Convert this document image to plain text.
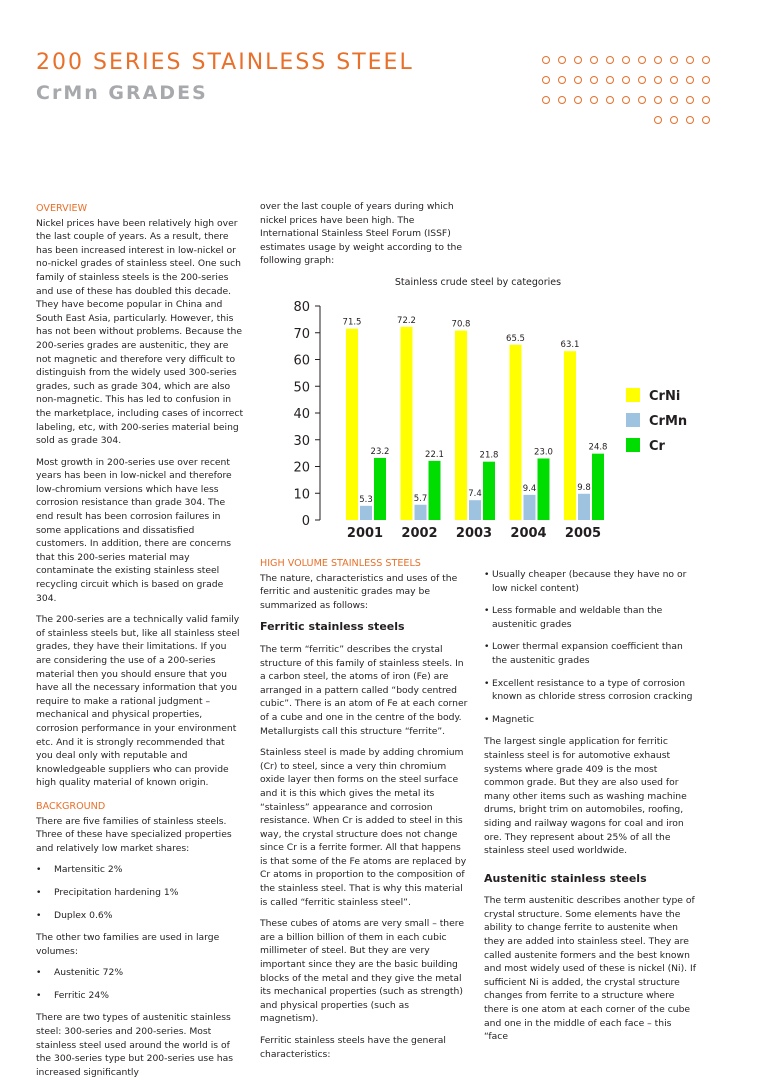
200 SERIES STAINLESS STEEL
CrMn GRADES
OVERVIEW

Nickel prices have been relatively high over the last couple of years. As a result, there has been increased interest in low-nickel or no-nickel grades of stainless steel. One such family of stainless steels is the 200-series and use of these has doubled this decade. They have become popular in China and South East Asia, particularly. However, this has not been without problems. Because the 200-series grades are austenitic, they are not magnetic and therefore very difficult to distinguish from the widely used 300-series grades, such as grade 304, which are also non-magnetic. This has led to confusion in the marketplace, including cases of incorrect labeling, etc, with 200-series material being sold as grade 304.

Most growth in 200-series use over recent years has been in low-nickel and therefore low-chromium versions which have less corrosion resistance than grade 304. The end result has been corrosion failures in some applications and dissatisfied customers. In addition, there are concerns that this 200-series material may contaminate the existing stainless steel recycling circuit which is based on grade 304.

The 200-series are a technically valid family of stainless steels but, like all stainless steel grades, they have their limitations. If you are considering the use of a 200-series material then you should ensure that you have all the necessary information that you require to make a rational judgment – mechanical and physical properties, corrosion performance in your environment etc. And it is strongly recommended that you deal only with reputable and knowledgeable suppliers who can provide high quality material of known origin.

BACKGROUND

There are five families of stainless steels. Three of these have specialized properties and relatively low market shares:

• Martensitic 2%
• Precipitation hardening 1%
• Duplex 0.6%

The other two families are used in large volumes:

• Austenitic 72%
• Ferritic 24%

There are two types of austenitic stainless steel: 300-series and 200-series. Most stainless steel used around the world is of the 300-series type but 200-series use has increased significantly

over the last couple of years during which nickel prices have been high. The International Stainless Steel Forum (ISSF) estimates usage by weight according to the following graph:

Stainless crude steel by categories
0
10
20
30
40
50
60
70
80
71.5
5.3
23.2
72.2
5.7
22.1
70.8
7.4
21.8
65.5
9.4
23.0
63.1
9.8
24.8
2001 2002 2003 2004 2005
CrNi
CrMn
Cr
HIGH VOLUME STAINLESS STEELS

The nature, characteristics and uses of the ferritic and austenitic grades may be summarized as follows:

Ferritic stainless steels

The term “ferritic” describes the crystal structure of this family of stainless steels. In a carbon steel, the atoms of iron (Fe) are arranged in a pattern called “body centred cubic”. There is an atom of Fe at each corner of a cube and one in the centre of the body. Metallurgists call this structure “ferrite”.

Stainless steel is made by adding chromium (Cr) to steel, since a very thin chromium oxide layer then forms on the steel surface and it is this which gives the metal its “stainless” appearance and corrosion resistance. When Cr is added to steel in this way, the crystal structure does not change since Cr is a ferrite former. All that happens is that some of the Fe atoms are replaced by Cr atoms in proportion to the composition of the stainless steel. That is why this material is called “ferritic stainless steel”.

These cubes of atoms are very small – there are a billion billion of them in each cubic millimeter of steel. But they are very important since they are the basic building blocks of the metal and they give the metal its mechanical properties (such as strength) and physical properties (such as magnetism).

Ferritic stainless steels have the general characteristics:

• Usually cheaper (because they have no or low nickel content)
• Less formable and weldable than the austenitic grades
• Lower thermal expansion coefficient than the austenitic grades
• Excellent resistance to a type of corrosion known as chloride stress corrosion cracking
• Magnetic

The largest single application for ferritic stainless steel is for automotive exhaust systems where grade 409 is the most common grade. But they are also used for many other items such as washing machine drums, bright trim on automobiles, roofing, siding and railway wagons for coal and iron ore. They represent about 25% of all the stainless steel used worldwide.

Austenitic stainless steels

The term austenitic describes another type of crystal structure. Some elements have the ability to change ferrite to austenite when they are added into stainless steel. They are called austenite formers and the best known and most widely used of these is nickel (Ni). If sufficient Ni is added, the crystal structure changes from ferrite to a structure where there is one atom at each corner of the cube and one in the middle of each face – this “face
